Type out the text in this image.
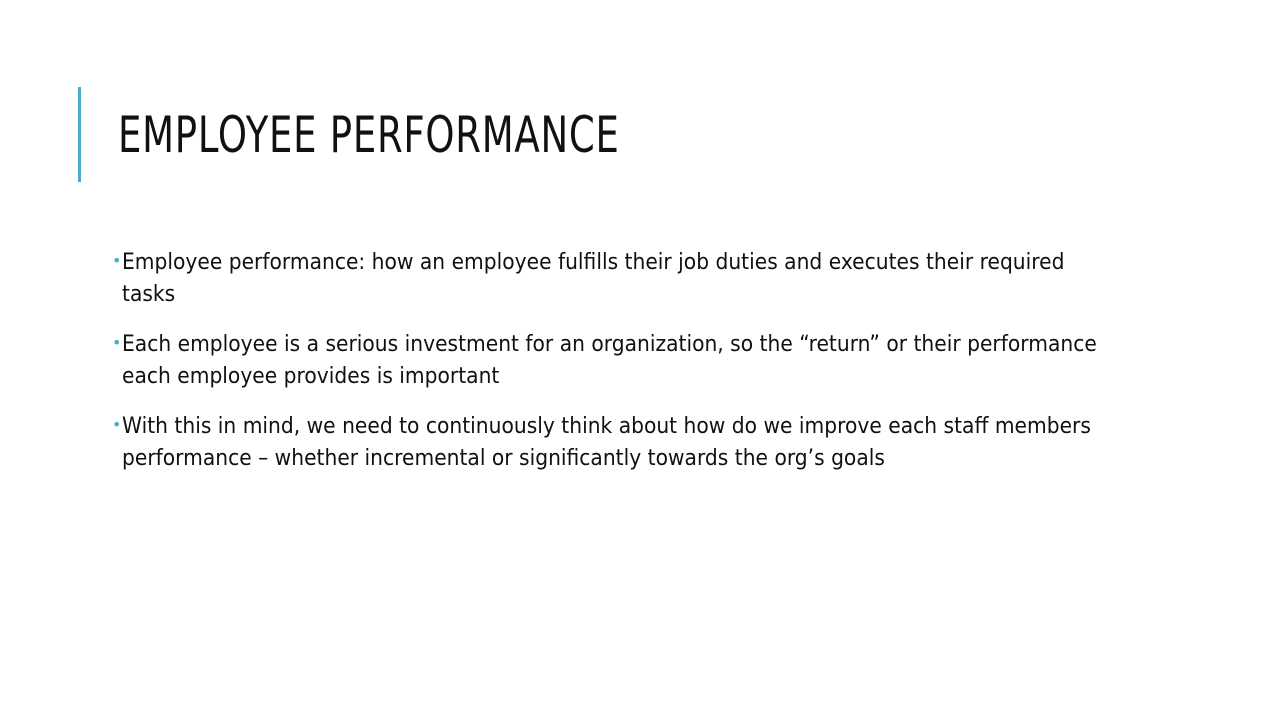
EMPLOYEE PERFORMANCE
• Employee performance: how an employee fulfills their job duties and executes their required tasks
• Each employee is a serious investment for an organization, so the “return” or their performance each employee provides is important
• With this in mind, we need to continuously think about how do we improve each staff members performance – whether incremental or significantly towards the org’s goals
